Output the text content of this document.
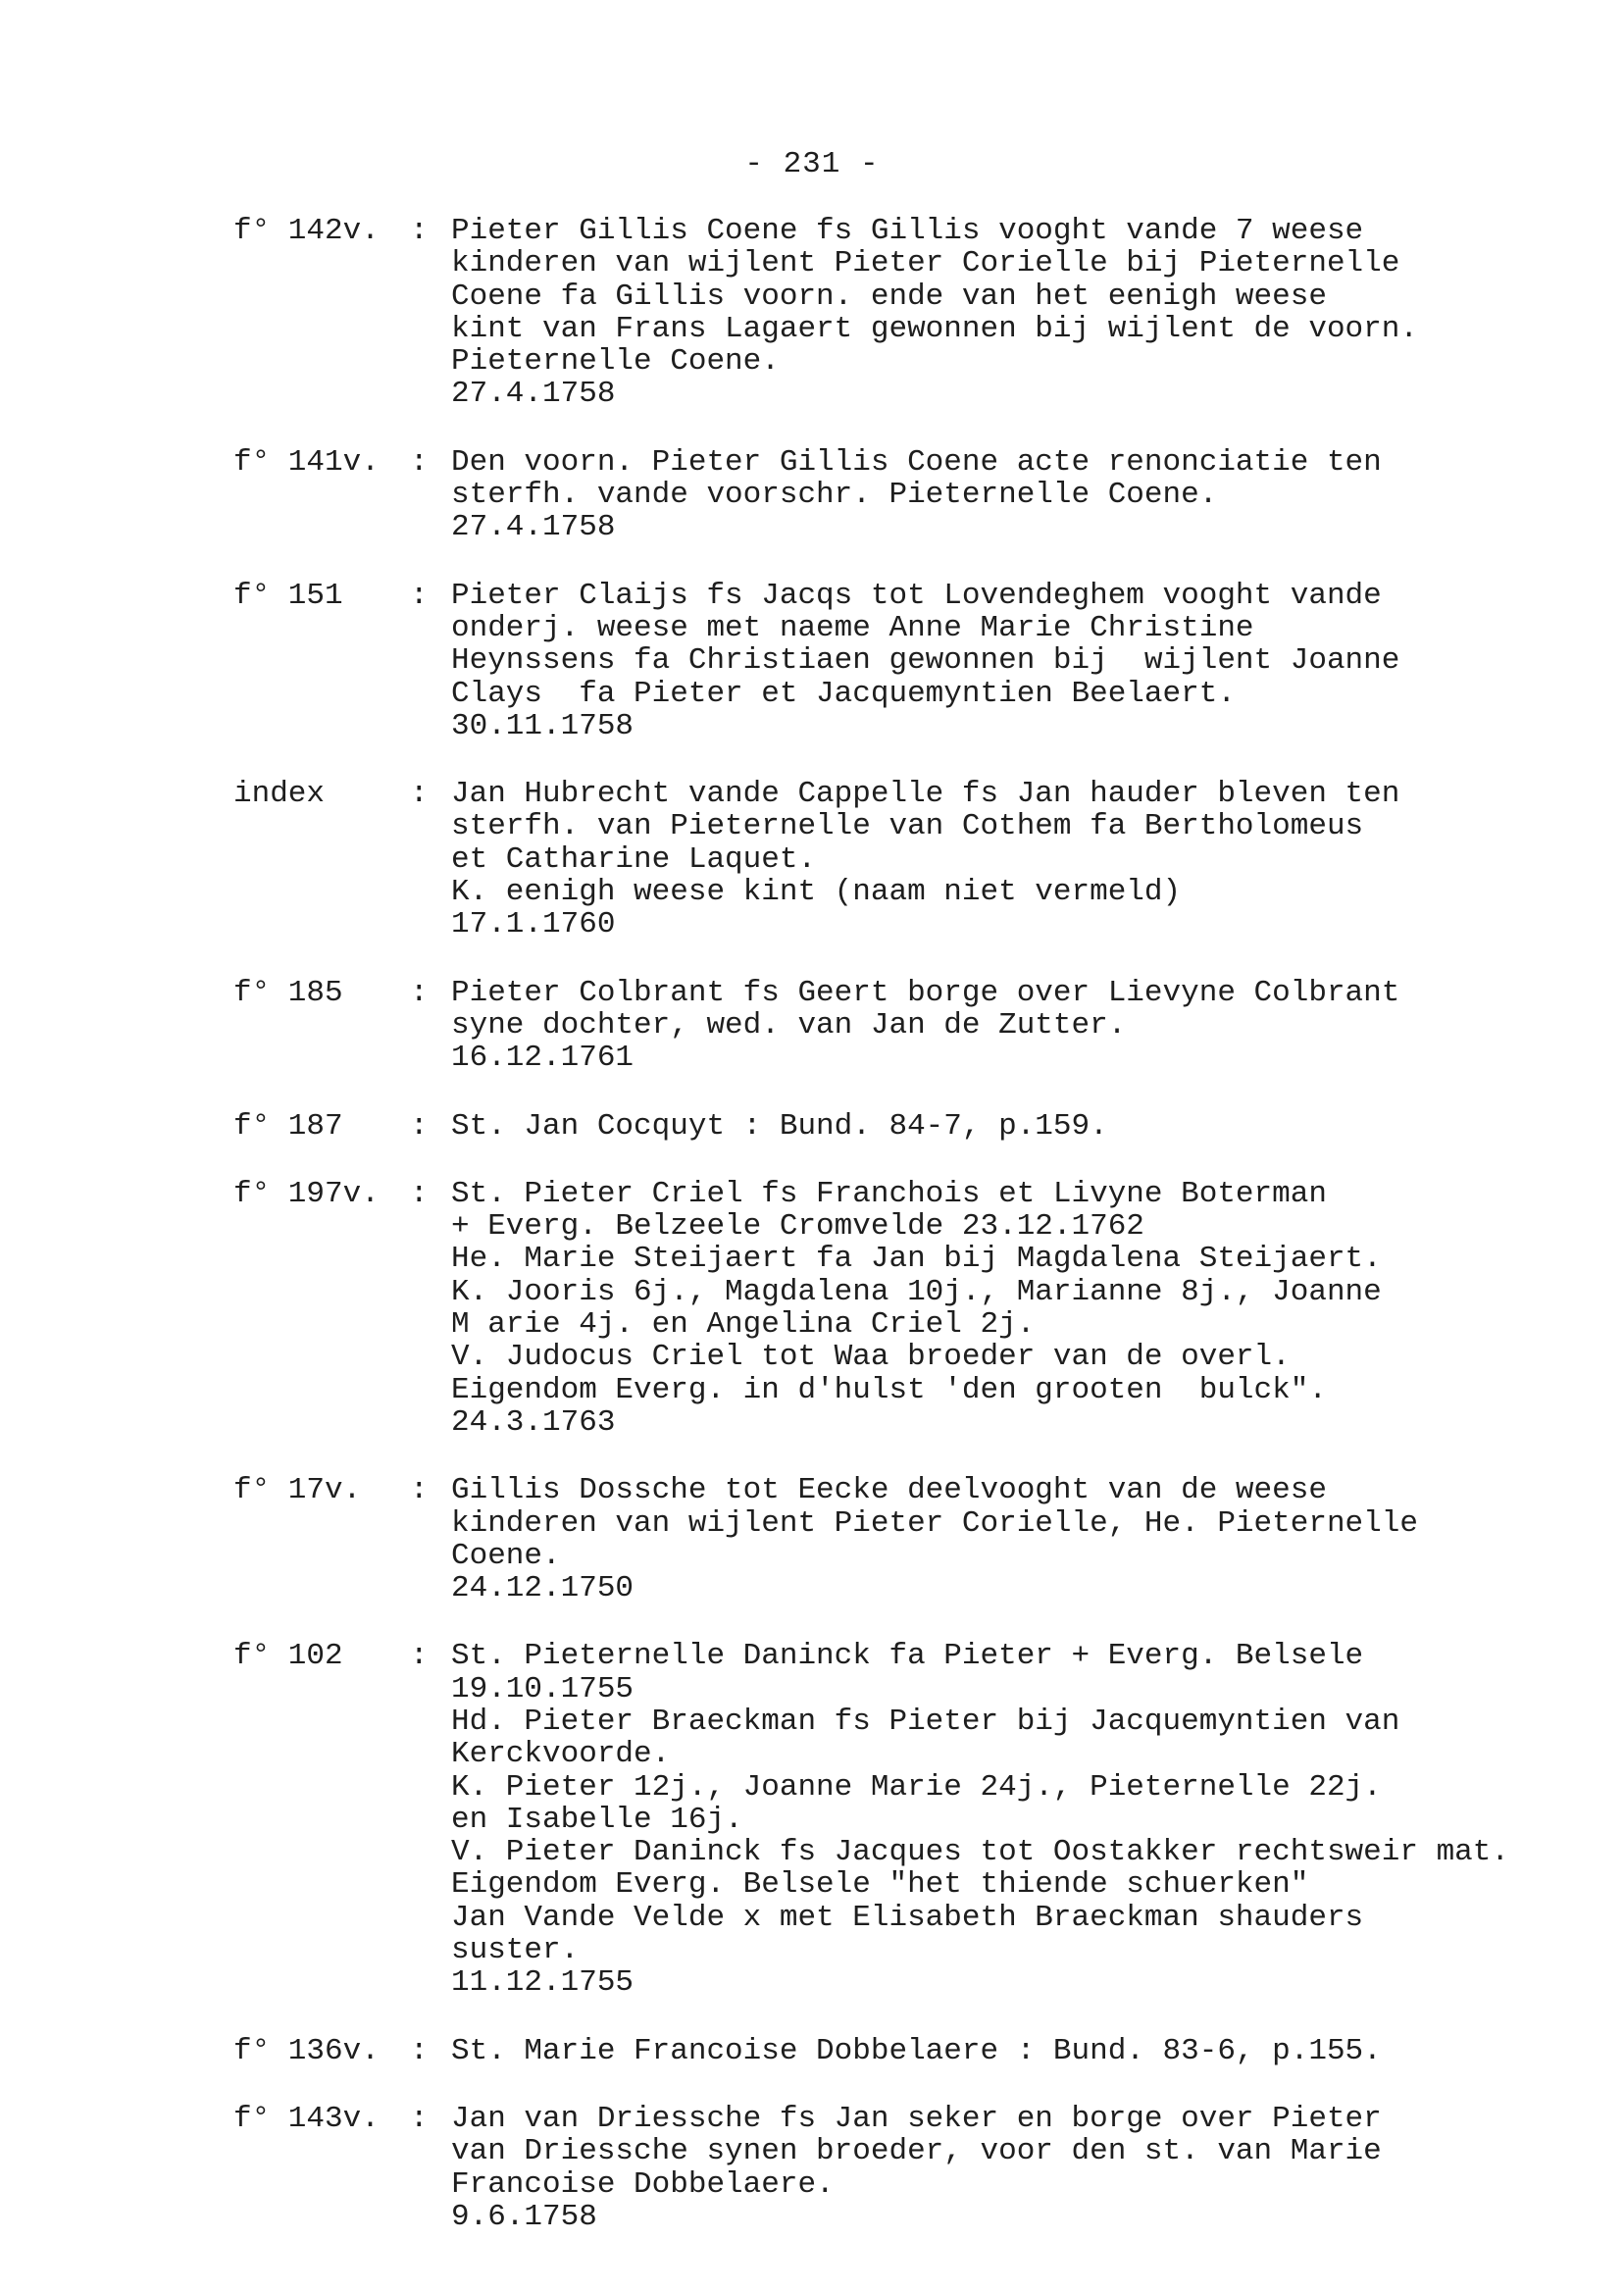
- 231 -
f° 142v.	: Pieter Gillis Coene fs Gillis vooght vande 7 weese
kinderen van wijlent Pieter Corielle bij Pieternelle
Coene fa Gillis voorn. ende van het eenigh weese
kint van Frans Lagaert gewonnen bij wijlent de voorn.
Pieternelle Coene.
27.4.1758
f° 141v.	: Den voorn. Pieter Gillis Coene acte renonciatie ten
sterfh. vande voorschr. Pieternelle Coene.
27.4.1758
f° 151	: Pieter Claijs fs Jacqs tot Lovendeghem vooght vande
onderj. weese met naeme Anne Marie Christine
Heynssens fa Christiaen gewonnen bij  wijlent Joanne
Clays  fa Pieter et Jacquemyntien Beelaert.
30.11.1758
index	: Jan Hubrecht vande Cappelle fs Jan hauder bleven ten
sterfh. van Pieternelle van Cothem fa Bertholomeus
et Catharine Laquet.
K. eenigh weese kint (naam niet vermeld)
17.1.1760
f° 185	: Pieter Colbrant fs Geert borge over Lievyne Colbrant
syne dochter, wed. van Jan de Zutter.
16.12.1761
f° 187	: St. Jan Cocquyt : Bund. 84-7, p.159.
f° 197v.	: St. Pieter Criel fs Franchois et Livyne Boterman
+ Everg. Belzeele Cromvelde 23.12.1762
He. Marie Steijaert fa Jan bij Magdalena Steijaert.
K. Jooris 6j., Magdalena 10j., Marianne 8j., Joanne
M arie 4j. en Angelina Criel 2j.
V. Judocus Criel tot Waa broeder van de overl.
Eigendom Everg. in d'hulst 'den grooten  bulck".
24.3.1763
f° 17v.	: Gillis Dossche tot Eecke deelvooght van de weese
kinderen van wijlent Pieter Corielle, He. Pieternelle
Coene.
24.12.1750
f° 102	: St. Pieternelle Daninck fa Pieter + Everg. Belsele
19.10.1755
Hd. Pieter Braeckman fs Pieter bij Jacquemyntien van
Kerckvoorde.
K. Pieter 12j., Joanne Marie 24j., Pieternelle 22j.
en Isabelle 16j.
V. Pieter Daninck fs Jacques tot Oostakker rechtsweir mat.
Eigendom Everg. Belsele "het thiende schuerken"
Jan Vande Velde x met Elisabeth Braeckman shauders
suster.
11.12.1755
f° 136v.	: St. Marie Francoise Dobbelaere : Bund. 83-6, p.155.
f° 143v.	: Jan van Driessche fs Jan seker en borge over Pieter
van Driessche synen broeder, voor den st. van Marie
Francoise Dobbelaere.
9.6.1758
